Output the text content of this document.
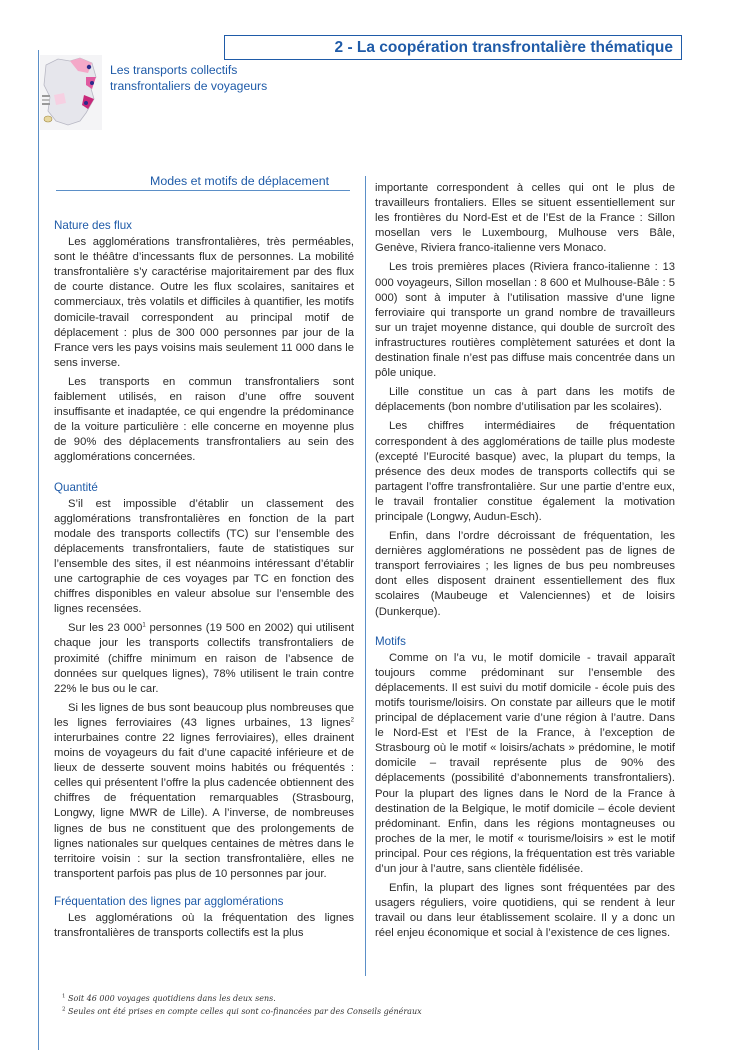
2 - La coopération transfrontalière thématique
Les transports collectifs
transfrontaliers de voyageurs
Modes et motifs de déplacement
Nature des flux

Les agglomérations transfrontalières, très perméables, sont le théâtre d’incessants flux de personnes. La mobilité transfrontalière s’y caractérise majoritairement par des flux de courte distance. Outre les flux scolaires, sanitaires et commerciaux, très volatils et difficiles à quantifier, les motifs domicile-travail correspondent au principal motif de déplacement : plus de 300 000 personnes par jour de la France vers les pays voisins mais seulement 11 000 dans le sens inverse.

Les transports en commun transfrontaliers sont faiblement utilisés, en raison d’une offre souvent insuffisante et inadaptée, ce qui engendre la prédominance de la voiture particulière : elle concerne en moyenne plus de 90% des déplacements transfrontaliers au sein des agglomérations concernées.

Quantité

S’il est impossible d’établir un classement des agglomérations transfrontalières en fonction de la part modale des transports collectifs (TC) sur l’ensemble des déplacements transfrontaliers, faute de statistiques sur l’ensemble des sites, il est néanmoins intéressant d’établir une cartographie de ces voyages par TC en fonction des chiffres disponibles en valeur absolue sur l’ensemble des lignes recensées.

Sur les 23 $000^1$ personnes (19 500 en 2002) qui utilisent chaque jour les transports collectifs transfrontaliers de proximité (chiffre minimum en raison de l’absence de données sur quelques lignes), 78% utilisent le train contre 22% le bus ou le car.

Si les lignes de bus sont beaucoup plus nombreuses que les lignes ferroviaires (43 lignes urbaines, 13 lignes$^2$ interurbaines contre 22 lignes ferroviaires), elles drainent moins de voyageurs du fait d’une capacité inférieure et de lieux de desserte souvent moins habités ou fréquentés : celles qui présentent l’offre la plus cadencée obtiennent des chiffres de fréquentation remarquables (Strasbourg, Longwy, ligne MWR de Lille). A l’inverse, de nombreuses lignes de bus ne constituent que des prolongements de lignes nationales sur quelques centaines de mètres dans le territoire voisin : sur la section transfrontalière, elles ne transportent parfois pas plus de 10 personnes par jour.

Fréquentation des lignes par agglomérations

Les agglomérations où la fréquentation des lignes transfrontalières de transports collectifs est la plus

importante correspondent à celles qui ont le plus de travailleurs frontaliers. Elles se situent essentiellement sur les frontières du Nord-Est et de l’Est de la France : Sillon mosellan vers le Luxembourg, Mulhouse vers Bâle, Genève, Riviera franco-italienne vers Monaco.

Les trois premières places (Riviera franco-italienne : 13 000 voyageurs, Sillon mosellan : 8 600 et Mulhouse-Bâle : 5 000) sont à imputer à l’utilisation massive d’une ligne ferroviaire qui transporte un grand nombre de travailleurs sur un trajet moyenne distance, qui double de surcroît des infrastructures routières complètement saturées et dont la destination finale n’est pas diffuse mais concentrée dans un pôle unique.

Lille constitue un cas à part dans les motifs de déplacements (bon nombre d’utilisation par les scolaires).

Les chiffres intermédiaires de fréquentation correspondent à des agglomérations de taille plus modeste (excepté l’Eurocité basque) avec, la plupart du temps, la présence des deux modes de transports collectifs qui se partagent l’offre transfrontalière. Sur une partie d’entre eux, le travail frontalier constitue également la motivation principale (Longwy, Audun-Esch).

Enfin, dans l’ordre décroissant de fréquentation, les dernières agglomérations ne possèdent pas de lignes de transport ferroviaires ; les lignes de bus peu nombreuses dont elles disposent drainent essentiellement des flux scolaires (Maubeuge et Valenciennes) et de loisirs (Dunkerque).

Motifs

Comme on l’a vu, le motif domicile - travail apparaît toujours comme prédominant sur l’ensemble des déplacements. Il est suivi du motif domicile - école puis des motifs tourisme/loisirs. On constate par ailleurs que le motif principal de déplacement varie d’une région à l’autre. Dans le Nord-Est et l’Est de la France, à l’exception de Strasbourg où le motif « loisirs/achats » prédomine, le motif domicile – travail représente plus de 90% des déplacements (possibilité d’abonnements transfrontaliers). Pour la plupart des lignes dans le Nord de la France à destination de la Belgique, le motif domicile – école devient prédominant. Enfin, dans les régions montagneuses ou proches de la mer, le motif « tourisme/loisirs » est le motif principal. Pour ces régions, la fréquentation est très variable d’un jour à l’autre, sans clientèle fidélisée.

Enfin, la plupart des lignes sont fréquentées par des usagers réguliers, voire quotidiens, qui se rendent à leur travail ou dans leur établissement scolaire. Il y a donc un réel enjeu économique et social à l’existence de ces lignes.

$^1$ Soit 46 000 voyages quotidiens dans les deux sens.
$^2$ Seules ont été prises en compte celles qui sont co-financées par des Conseils généraux
